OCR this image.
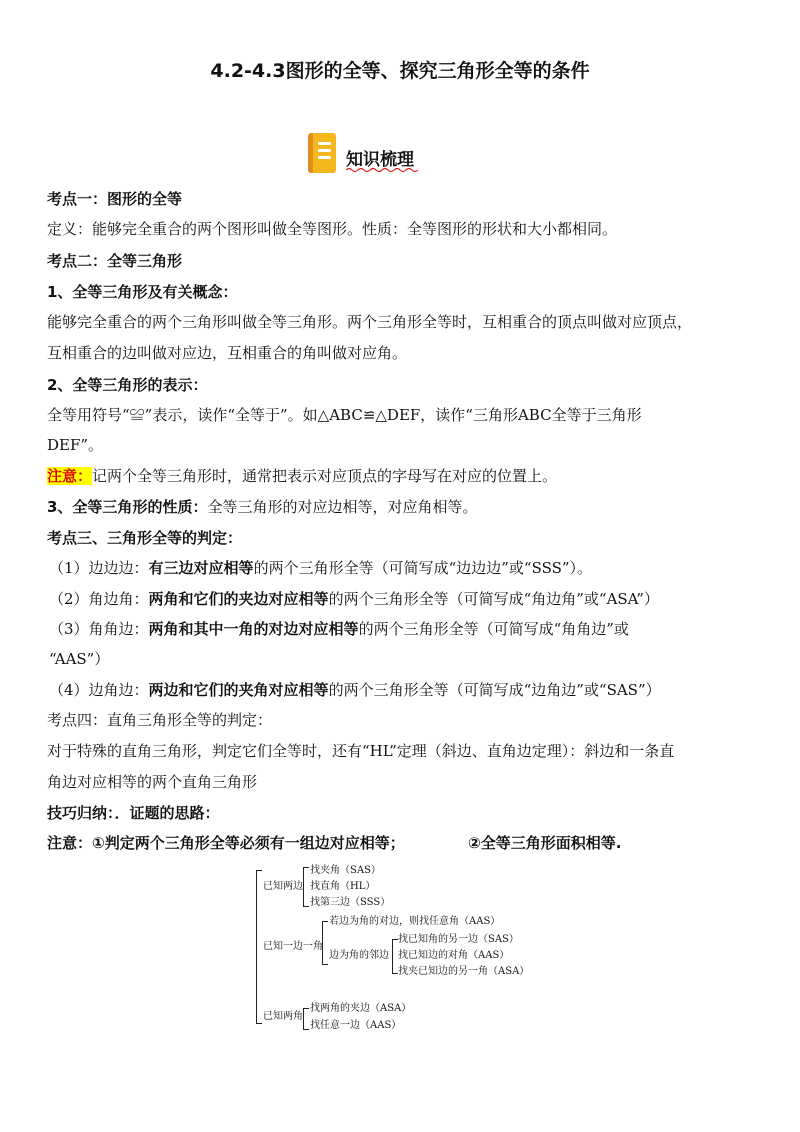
4.2-4.3图形的全等、探究三角形全等的条件
知识梳理
考点一：图形的全等
定义：能够完全重合的两个图形叫做全等图形。性质：全等图形的形状和大小都相同。
考点二：全等三角形
1、全等三角形及有关概念：
能够完全重合的两个三角形叫做全等三角形。两个三角形全等时，互相重合的顶点叫做对应顶点，
互相重合的边叫做对应边，互相重合的角叫做对应角。
2、全等三角形的表示：
全等用符号“≌”表示，读作“全等于”。如△ABC≌△DEF，读作“三角形ABC全等于三角形
DEF”。
注意：记两个全等三角形时，通常把表示对应顶点的字母写在对应的位置上。
3、全等三角形的性质：全等三角形的对应边相等，对应角相等。
考点三、三角形全等的判定：
（1）边边边：有三边对应相等的两个三角形全等（可简写成“边边边”或“SSS”）。
（2）角边角：两角和它们的夹边对应相等的两个三角形全等（可简写成“角边角”或“ASA”）
（3）角角边：两角和其中一角的对边对应相等的两个三角形全等（可简写成“角角边”或
“AAS”）
（4）边角边：两边和它们的夹角对应相等的两个三角形全等（可简写成“边角边”或“SAS”）
考点四：直角三角形全等的判定：
对于特殊的直角三角形，判定它们全等时，还有“HL”定理（斜边、直角边定理）：斜边和一条直
角边对应相等的两个直角三角形
技巧归纳：．证题的思路：
注意：①判定两个三角形全等必须有一组边对应相等；	②全等三角形面积相等.
已知两边
找夹角（SAS）
找直角（HL）
找第三边（SSS）
已知一边一角
若边为角的对边，则找任意角（AAS）
边为角的邻边
找已知角的另一边（SAS）
找已知边的对角（AAS）
找夹已知边的另一角（ASA）
已知两角
找两角的夹边（ASA）
找任意一边（AAS）
